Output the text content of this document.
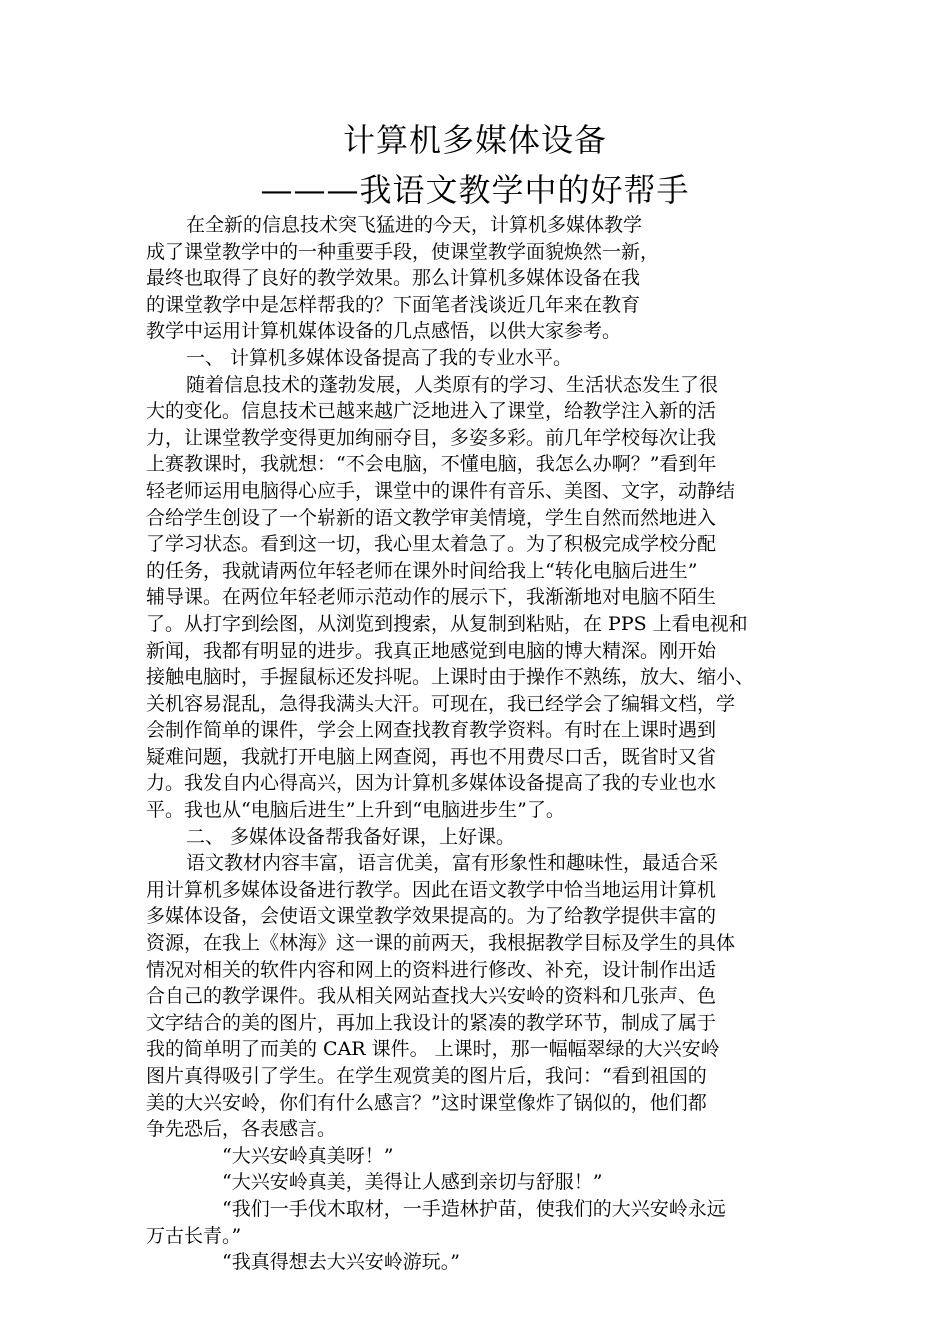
计算机多媒体设备
———我语文教学中的好帮手

在全新的信息技术突飞猛进的今天，计算机多媒体教学
成了课堂教学中的一种重要手段，使课堂教学面貌焕然一新，
最终也取得了良好的教学效果。那么计算机多媒体设备在我
的课堂教学中是怎样帮我的？下面笔者浅谈近几年来在教育
教学中运用计算机媒体设备的几点感悟，以供大家参考。

一、 计算机多媒体设备提高了我的专业水平。
随着信息技术的蓬勃发展，人类原有的学习、生活状态发生了很
大的变化。信息技术已越来越广泛地进入了课堂，给教学注入新的活
力，让课堂教学变得更加绚丽夺目，多姿多彩。前几年学校每次让我
上赛教课时，我就想：“不会电脑，不懂电脑，我怎么办啊？”看到年
轻老师运用电脑得心应手，课堂中的课件有音乐、美图、文字，动静结
合给学生创设了一个崭新的语文教学审美情境，学生自然而然地进入
了学习状态。看到这一切，我心里太着急了。为了积极完成学校分配
的任务，我就请两位年轻老师在课外时间给我上“转化电脑后进生”
辅导课。在两位年轻老师示范动作的展示下，我渐渐地对电脑不陌生
了。从打字到绘图，从浏览到搜索，从复制到粘贴，在 PPS 上看电视和
新闻，我都有明显的进步。我真正地感觉到电脑的博大精深。刚开始
接触电脑时，手握鼠标还发抖呢。上课时由于操作不熟练，放大、缩小、
关机容易混乱，急得我满头大汗。可现在，我已经学会了编辑文档，学
会制作简单的课件，学会上网查找教育教学资料。有时在上课时遇到
疑难问题，我就打开电脑上网查阅，再也不用费尽口舌，既省时又省
力。我发自内心得高兴，因为计算机多媒体设备提高了我的专业也水
平。我也从“电脑后进生”上升到“电脑进步生”了。

二、 多媒体设备帮我备好课，上好课。
语文教材内容丰富，语言优美，富有形象性和趣味性，最适合采
用计算机多媒体设备进行教学。因此在语文教学中恰当地运用计算机
多媒体设备，会使语文课堂教学效果提高的。为了给教学提供丰富的
资源，在我上《林海》这一课的前两天，我根据教学目标及学生的具体
情况对相关的软件内容和网上的资料进行修改、补充，设计制作出适
合自己的教学课件。我从相关网站查找大兴安岭的资料和几张声、色
文字结合的美的图片，再加上我设计的紧凑的教学环节，制成了属于
我的简单明了而美的 CAR 课件。 上课时，那一幅幅翠绿的大兴安岭
图片真得吸引了学生。在学生观赏美的图片后，我问：“看到祖国的
美的大兴安岭，你们有什么感言？”这时课堂像炸了锅似的，他们都
争先恐后，各表感言。

“大兴安岭真美呀！”
“大兴安岭真美，美得让人感到亲切与舒服！”
“我们一手伐木取材，一手造林护苗，使我们的大兴安岭永远
万古长青。”
“我真得想去大兴安岭游玩。”
